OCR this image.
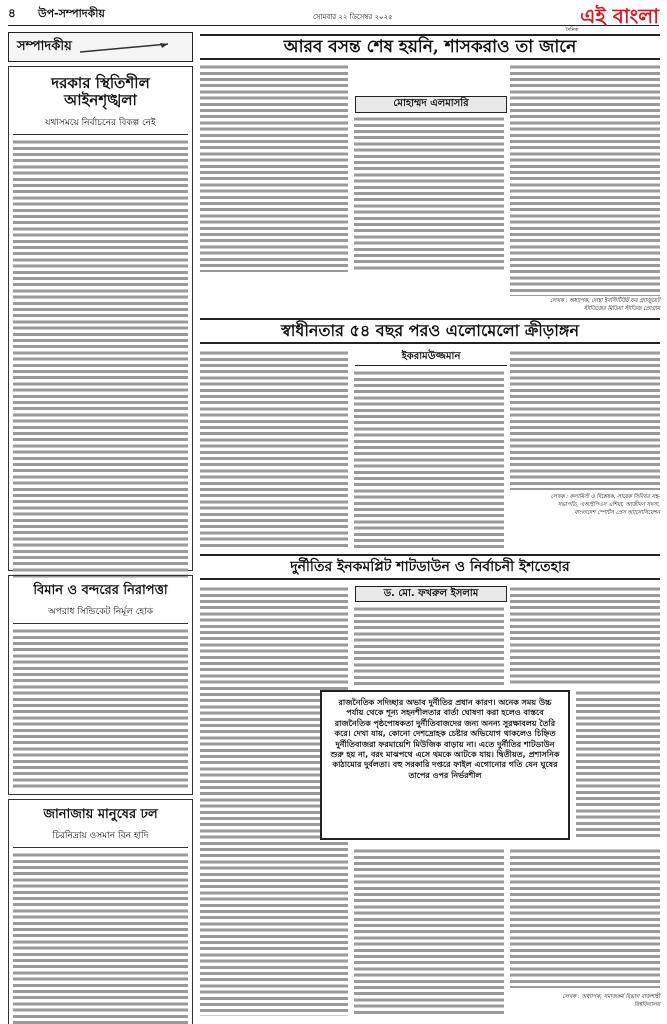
৪	উপ-সম্পাদকীয়	সোমবার ২২ ডিসেম্বর ২০২৫
দৈনিক
এই বাংলা
সম্পাদকীয়
দরকার স্থিতিশীল আইনশৃঙ্খলা
যথাসময়ে নির্বাচনের বিকল্প নেই
বিমান ও বন্দরের নিরাপত্তা
অপরাধ সিন্ডিকেট নির্মূল হোক
জানাজায় মানুষের ঢল
চিরনিদ্রায় ওসমান বিন হাদি
আরব বসন্ত শেষ হয়নি, শাসকরাও তা জানে
মোহাম্মদ এলমাসরি
লেখক : অধ্যাপক, দোহা ইনস্টিটিউট ফর গ্র্যাজুয়েট স্টাডিজের মিডিয়া স্টাডিজ প্রোগ্রাম
স্বাধীনতার ৫৪ বছর পরও এলোমেলো ক্রীড়াঙ্গন
ইকরামউজ্জমান
লেখক : কলামিস্ট ও বিশ্লেষক, সাবেক সিনিয়র সহ-সভাপতি, এআইপিএস এশিয়া, আজীবন সদস্য, বাংলাদেশ স্পোর্টস প্রেস অ্যাসোসিয়েশন
দুর্নীতির ইনকমপ্লিট শাটডাউন ও নির্বাচনী ইশতেহার
ড. মো. ফখরুল ইসলাম
রাজনৈতিক সদিচ্ছার অভাব দুর্নীতির প্রধান কারণ। অনেক সময় উচ্চ পর্যায় থেকে শূন্য সহনশীলতার বার্তা ঘোষণা করা হলেও বাস্তবে রাজনৈতিক পৃষ্ঠপোষকতা দুর্নীতিবাজদের জন্য অনন্য সুরক্ষাবলয় তৈরি করে। দেখা যায়, কোনো দেশদ্রোহক চেষ্টার অভিযোগ থাকলেও চিহ্নিত দুর্নীতিবাজরা ফরমায়েশি মিউজিক বাড়ায় না। এতে দুর্নীতির শাটডাউন শুরু হয় না, বরং মাঝপথে এসে থমকে আটকে যায়। দ্বিতীয়ত, প্রশাসনিক কাঠামোর দুর্বলতা। বহু সরকারি দপ্তরে ফাইল এগোনোর গতি যেন ঘুষের তাপের ওপর নির্ভরশীল
লেখক : অধ্যাপক, সমাজকর্ম বিভাগ রাজশাহী বিশ্ববিদ্যালয়
